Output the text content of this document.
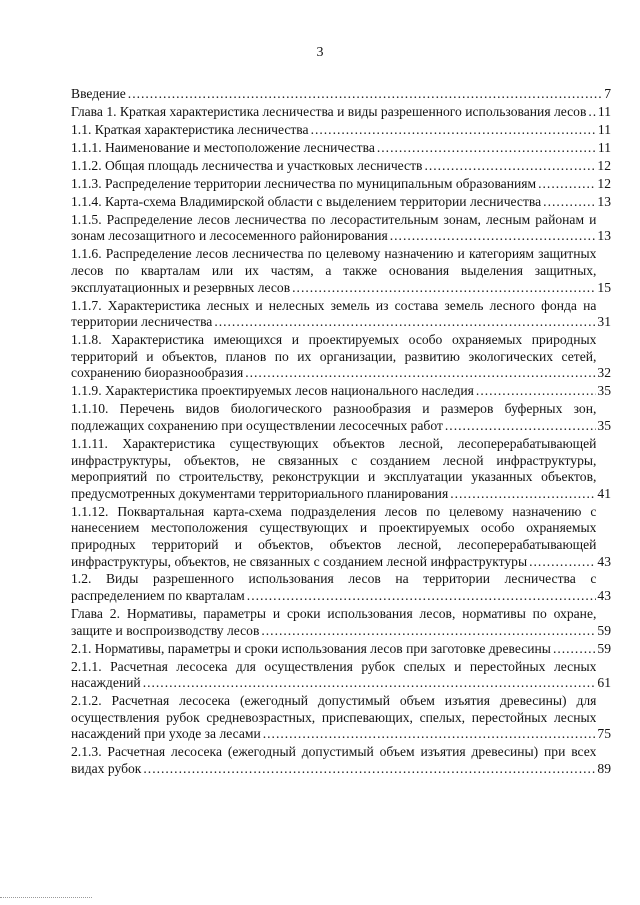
3
Введение . . .	7
Глава 1. Краткая характеристика лесничества и виды разрешенного использования лесов . . . 11
1.1. Краткая характеристика лесничества . . .	11
1.1.1. Наименование и местоположение лесничества . . .	11
1.1.2. Общая площадь лесничества и участковых лесничеств . . .	12
1.1.3. Распределение территории лесничества по муниципальным образованиям . . .	12
1.1.4. Карта-схема Владимирской области с выделением территории лесничества . . .	13
1.1.5. Распределение лесов лесничества по лесорастительным зонам, лесным районам и зонам лесозащитного и лесосеменного районирования . . .	13
1.1.6. Распределение лесов лесничества по целевому назначению и категориям защитных лесов по кварталам или их частям, а также основания выделения защитных, эксплуатационных и резервных лесов . . .	15
1.1.7. Характеристика лесных и нелесных земель из состава земель лесного фонда на территории лесничества . . .	31
1.1.8. Характеристика имеющихся и проектируемых особо охраняемых природных территорий и объектов, планов по их организации, развитию экологических сетей, сохранению биоразнообразия . . .	32
1.1.9. Характеристика проектируемых лесов национального наследия . . .	35
1.1.10. Перечень видов биологического разнообразия и размеров буферных зон, подлежащих сохранению при осуществлении лесосечных работ . . .	35
1.1.11. Характеристика существующих объектов лесной, лесоперерабатывающей инфраструктуры, объектов, не связанных с созданием лесной инфраструктуры, мероприятий по строительству, реконструкции и эксплуатации указанных объектов, предусмотренных документами территориального планирования . . .	41
1.1.12. Поквартальная карта-схема подразделения лесов по целевому назначению с нанесением местоположения существующих и проектируемых особо охраняемых природных территорий и объектов, объектов лесной, лесоперерабатывающей инфраструктуры, объектов, не связанных с созданием лесной инфраструктуры . . .	43
1.2. Виды разрешенного использования лесов на территории лесничества с распределением по кварталам . . .	43
Глава 2. Нормативы, параметры и сроки использования лесов, нормативы по охране, защите и воспроизводству лесов . . .	59
2.1. Нормативы, параметры и сроки использования лесов при заготовке древесины . . .	59
2.1.1. Расчетная лесосека для осуществления рубок спелых и перестойных лесных насаждений . . .	61
2.1.2. Расчетная лесосека (ежегодный допустимый объем изъятия древесины) для осуществления рубок средневозрастных, приспевающих, спелых, перестойных лесных насаждений при уходе за лесами . . .	75
2.1.3. Расчетная лесосека (ежегодный допустимый объем изъятия древесины) при всех видах рубок . . .	89
